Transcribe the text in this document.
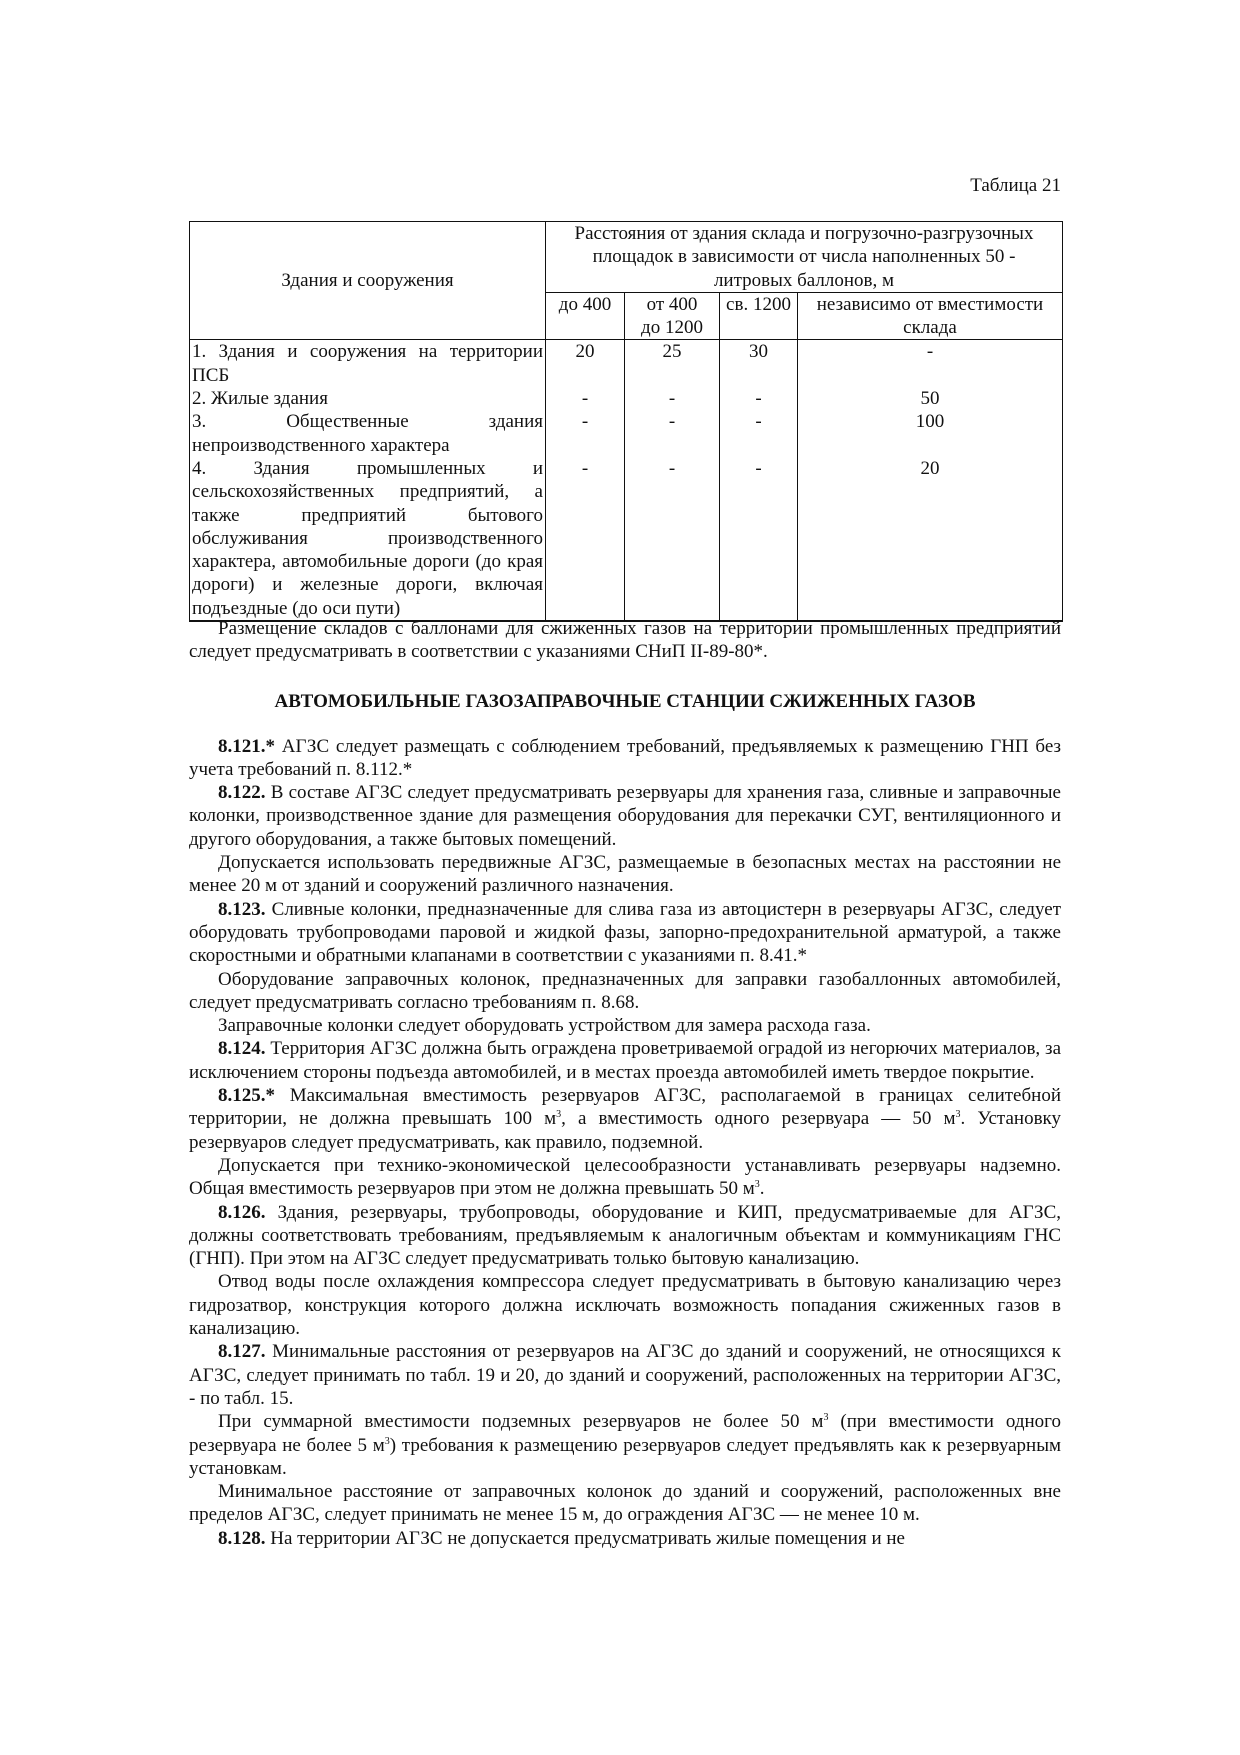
Таблица 21
Здания и сооружения	Расстояния от здания склада и погрузочно-разгрузочных площадок в зависимости от числа наполненных 50 - литровых баллонов, м			
	до 400	от 400 до 1200	св. 1200	независимо от вместимости склада
1. Здания и сооружения на территории ПСБ	20	25	30	-
2. Жилые здания	-	-	-	50
3. Общественные здания непроизводственного характера	-	-	-	100
4. Здания промышленных и сельскохозяйственных предприятий, а также предприятий бытового обслуживания производственного характера, автомобильные дороги (до края дороги) и железные дороги, включая подъездные (до оси пути)	-	-	-	20

Размещение складов с баллонами для сжиженных газов на территории промышленных предприятий следует предусматривать в соответствии с указаниями СНиП II-89-80*.

АВТОМОБИЛЬНЫЕ ГАЗОЗАПРАВОЧНЫЕ СТАНЦИИ СЖИЖЕННЫХ ГАЗОВ

8.121.* АГЗС следует размещать с соблюдением требований, предъявляемых к размещению ГНП без учета требований п. 8.112.*

8.122. В составе АГЗС следует предусматривать резервуары для хранения газа, сливные и заправочные колонки, производственное здание для размещения оборудования для перекачки СУГ, вентиляционного и другого оборудования, а также бытовых помещений.

Допускается использовать передвижные АГЗС, размещаемые в безопасных местах на расстоянии не менее 20 м от зданий и сооружений различного назначения.

8.123. Сливные колонки, предназначенные для слива газа из автоцистерн в резервуары АГЗС, следует оборудовать трубопроводами паровой и жидкой фазы, запорно-предохранительной арматурой, а также скоростными и обратными клапанами в соответствии с указаниями п. 8.41.*

Оборудование заправочных колонок, предназначенных для заправки газобаллонных автомобилей, следует предусматривать согласно требованиям п. 8.68.

Заправочные колонки следует оборудовать устройством для замера расхода газа.

8.124. Территория АГЗС должна быть ограждена проветриваемой оградой из негорючих материалов, за исключением стороны подъезда автомобилей, и в местах проезда автомобилей иметь твердое покрытие.

8.125.* Максимальная вместимость резервуаров АГЗС, располагаемой в границах селитебной территории, не должна превышать 100 $м^3$, а вместимость одного резервуара — 50 $м^3$. Установку резервуаров следует предусматривать, как правило, подземной.

Допускается при технико-экономической целесообразности устанавливать резервуары надземно. Общая вместимость резервуаров при этом не должна превышать 50 $м^3$.

8.126. Здания, резервуары, трубопроводы, оборудование и КИП, предусматриваемые для АГЗС, должны соответствовать требованиям, предъявляемым к аналогичным объектам и коммуникациям ГНС (ГНП). При этом на АГЗС следует предусматривать только бытовую канализацию.

Отвод воды после охлаждения компрессора следует предусматривать в бытовую канализацию через гидрозатвор, конструкция которого должна исключать возможность попадания сжиженных газов в канализацию.

8.127. Минимальные расстояния от резервуаров на АГЗС до зданий и сооружений, не относящихся к АГЗС, следует принимать по табл. 19 и 20, до зданий и сооружений, расположенных на территории АГЗС, - по табл. 15.

При суммарной вместимости подземных резервуаров не более 50 $м^3$ (при вместимости одного резервуара не более 5 $м^3$) требования к размещению резервуаров следует предъявлять как к резервуарным установкам.

Минимальное расстояние от заправочных колонок до зданий и сооружений, расположенных вне пределов АГЗС, следует принимать не менее 15 м, до ограждения АГЗС — не менее 10 м.

8.128. На территории АГЗС не допускается предусматривать жилые помещения и не
